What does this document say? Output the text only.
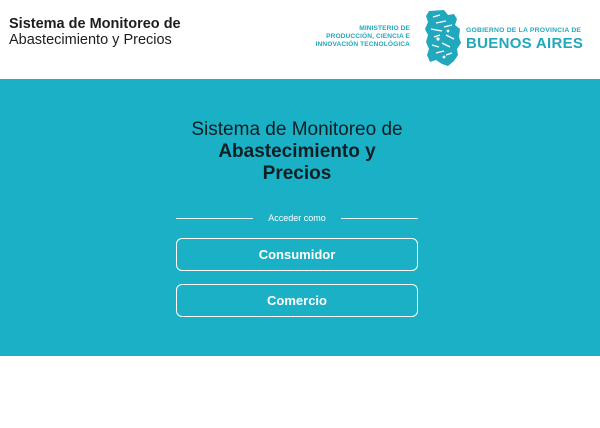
Sistema de Monitoreo de
Abastecimiento y Precios
MINISTERIO DE
PRODUCCIÓN, CIENCIA E
INNOVACIÓN TECNOLÓGICA
GOBIERNO DE LA PROVINCIA DE
BUENOS AIRES
Sistema de Monitoreo de
Abastecimiento y
Precios
Acceder como
Consumidor
Comercio
